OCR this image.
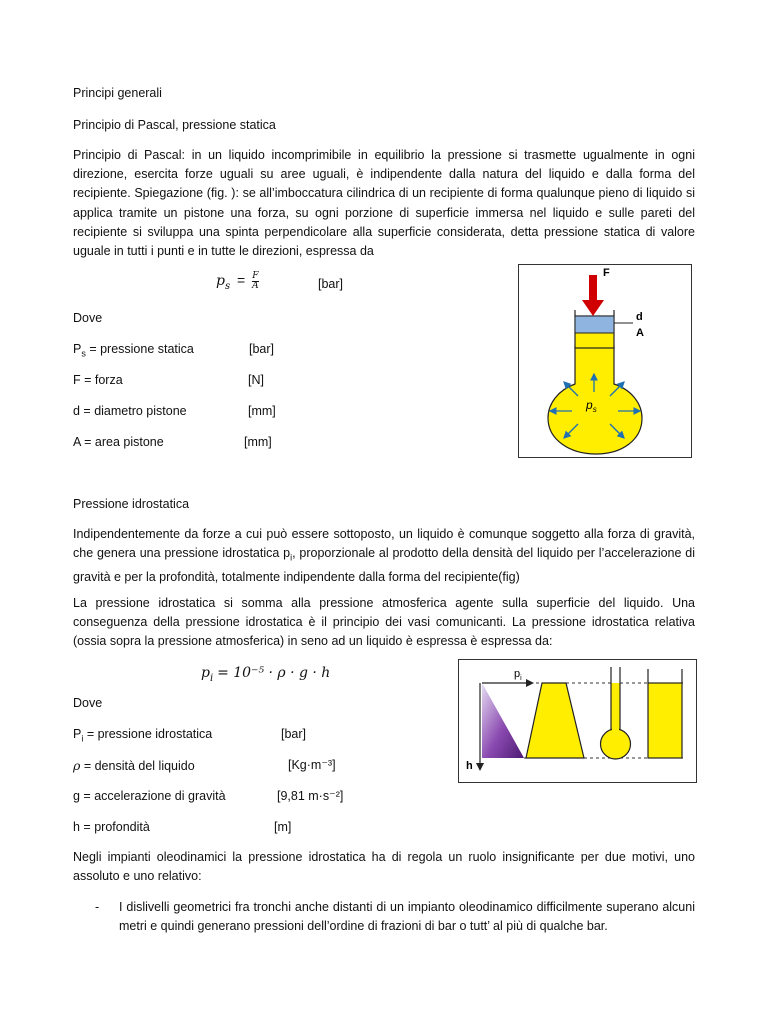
Principi generali
Principio di Pascal, pressione statica
Principio di Pascal: in un liquido incomprimibile in equilibrio la pressione si trasmette ugualmente in ogni direzione, esercita forze uguali su aree uguali, è indipendente dalla natura del liquido e dalla forma del recipiente. Spiegazione (fig. ): se all’imboccatura cilindrica di un recipiente di forma qualunque pieno di liquido si applica tramite un pistone una forza, su ogni porzione di superficie immersa nel liquido e sulle pareti del recipiente si sviluppa una spinta perpendicolare alla superficie considerata, detta pressione statica di valore uguale in tutti i punti e in tutte le direzioni, espressa da
$p_s = \frac{F}{A}$	[bar]
Dove
$P_s$ = pressione statica	[bar]
F = forza	[N]
d = diametro pistone	[mm]
A = area pistone	[mm]
F
d
A
$p_s$
Pressione idrostatica
Indipendentemente da forze a cui può essere sottoposto, un liquido è comunque soggetto alla forza di gravità, che genera una pressione idrostatica $p_i$, proporzionale al prodotto della densità del liquido per l’accelerazione di gravità e per la profondità, totalmente indipendente dalla forma del recipiente(fig)
La pressione idrostatica si somma alla pressione atmosferica agente sulla superficie del liquido. Una conseguenza della pressione idrostatica è il principio dei vasi comunicanti. La pressione idrostatica relativa (ossia sopra la pressione atmosferica) in seno ad un liquido è espressa è espressa da:
$p_i = 10^{-5} \cdot \rho \cdot g \cdot h$
Dove
$P_i$ = pressione idrostatica	[bar]
ρ = densità del liquido	[Kg·m⁻³]
g = accelerazione di gravità	[9,81 m·s⁻²]
h = profondità	[m]
$p_i$
h
Negli impianti oleodinamici la pressione idrostatica ha di regola un ruolo insignificante per due motivi, uno assoluto e uno relativo:
- I dislivelli geometrici fra tronchi anche distanti di un impianto oleodinamico difficilmente superano alcuni metri e quindi generano pressioni dell’ordine di frazioni di bar o tutt’ al più di qualche bar.
